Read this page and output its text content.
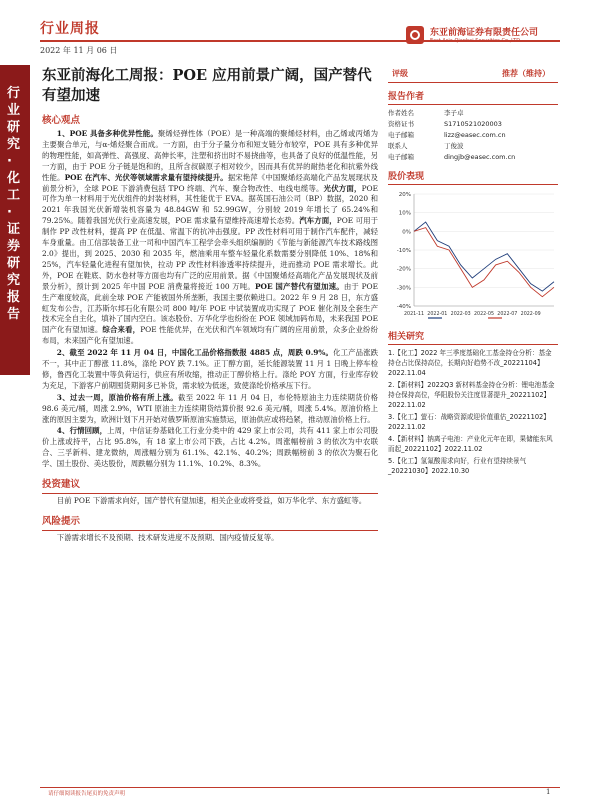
行业周报
2022 年 11 月 06 日
东亚前海证券有限责任公司
East Asia Qianhai Securities Co.,LTD.
行业研究·化工·证券研究报告
东亚前海化工周报：POE 应用前景广阔，国产替代有望加速
核心观点

1、POE 具备多种优异性能。聚烯烃弹性体（POE）是一种高端的聚烯烃材料，由乙烯或丙烯为主要聚合单元，与α-烯烃聚合而成。一方面，由于分子量分布和短支链分布较窄，POE 具有多种优异的物理性能，如高弹性、高强度、高伸长率，注塑和挤出时不易挠曲等，也具备了良好的低温性能，另一方面，由于 POE 分子链是饱和的，且所含叔碳原子相对较少，因而具有优异的耐热老化和抗紫外线性能。POE 在汽车、光伏等领域需求量有望持续提升。据宋艳萍《中国聚烯烃高端化产品发展现状及前景分析》，全球 POE 下游消费包括 TPO 终端、汽车、聚合物改性、电线电缆等。光伏方面，POE 可作为单一材料用于光伏组件的封装材料，其性能优于 EVA。据英国石油公司（BP）数据，2020 和 2021 年我国光伏新增装机容量为 48.84GW 和 52.99GW，分别较 2019 年增长了 65.24%和 79.25%。随着我国光伏行业高速发展，POE 需求量有望维持高速增长态势。汽车方面，POE 可用于制作 PP 改性材料，提高 PP 在低温、常温下的抗冲击强度。PP 改性材料可用于制作汽车配件，减轻车身重量。由工信部装备工业一司和中国汽车工程学会牵头组织编制的《节能与新能源汽车技术路线图 2.0》提出，到 2025、2030 和 2035 年，燃油乘用车整车轻量化系数需要分别降低 10%、18%和 25%，汽车轻量化进程有望加快，拉动 PP 改性材料渗透率持续提升，进而推动 POE 需求增长。此外，POE 在鞋底、防水卷材等方面也均有广泛的应用前景。据《中国聚烯烃高端化产品发展现状及前景分析》，预计到 2025 年中国 POE 消费量将接近 100 万吨。POE 国产替代有望加速。由于 POE 生产难度较高，此前全球 POE 产能被国外所垄断，我国主要依赖进口。2022 年 9 月 28 日，东方盛虹发布公告，江苏斯尔邦石化有限公司 800 吨/年 POE 中试装置成功实现了 POE 催化剂及全套生产技术完全自主化，填补了国内空白。该态股份、万华化学也纷纷在 POE 领域加码布局，未来我国 POE 国产化有望加速。综合来看，POE 性能优异，在光伏和汽车领域均有广阔的应用前景，众多企业纷纷布局，未来国产化有望加速。

2、截至 2022 年 11 月 04 日，中国化工品价格指数报 4885 点，周跌 0.9%。化工产品涨跌不一，其中正丁醇涨 11.8%，涤纶 POY 跌 7.1%。正丁醇方面，延长能源装置 11 月 1 日晚上停车检修，鲁西化工装置中等负荷运行，供应有所收缩，推动正丁醇价格上行。涤纶 POY 方面，行业库存较为充足，下游客户前期囤货期间多已补货，需求较为低迷，致使涤纶价格承压下行。

3、过去一周，原油价格有所上涨。截至 2022 年 11 月 04 日，布伦特原油主力连续期货价格 98.6 美元/桶，周涨 2.9%，WTI 原油主力连续期货结算价报 92.6 美元/桶，周涨 5.4%。原油价格上涨的原因主要为，欧洲计划下月开始对俄罗斯原油实施禁运，原油供应或将趋紧，推动原油价格上行。

4、行情回顾，上周，中信证券基础化工行业分类中的 429 家上市公司，共有 411 家上市公司股价上涨或持平，占比 95.8%，有 18 家上市公司下跌，占比 4.2%。周涨幅榜前 3 的依次为中农联合、三孚新科、建龙微纳，周涨幅分别为 61.1%、42.1%、40.2%；周跌幅榜前 3 的依次为聚石化学、国土股份、美达股份，周跌幅分别为 11.1%、10.2%、8.3%。

投资建议

目前 POE 下游需求向好，国产替代有望加速，相关企业或将受益，如万华化学、东方盛虹等。

风险提示

下游需求增长不及预期、技术研发进度不及预期、国内疫情反复等。

评级	推荐（维持）
报告作者
作者姓名	李子卓
资格证书	S1710521020003
电子邮箱	lizz@easec.com.cn
联系人	丁俊波
电子邮箱	dingjb@easec.com.cn
股价表现
20%
10%
0%
-10%
-20%
-30%
-40%
2021-11 2022-01 2022-03 2022-05 2022-07 2022-09
相关研究
1.【化工】2022 年三季度基础化工基金持仓分析：基金持仓占比保持高位，长期向好趋势不改_20221104】2022.11.04
2.【新材料】2022Q3 新材料基金持仓分析：锂电池基金持仓保持高位，华阳股份关注度显著提升_20221102】2022.11.02
3.【化工】萤石：战略资源或迎价值重估_20221102】2022.11.02
4.【新材料】钠离子电池：产业化元年在即，果储能东风而起_20221102】2022.11.02
5.【化工】氢氟酸需求向好，行业有望持续景气_20221030】2022.10.30
请仔细阅读报告尾页的免责声明	1
